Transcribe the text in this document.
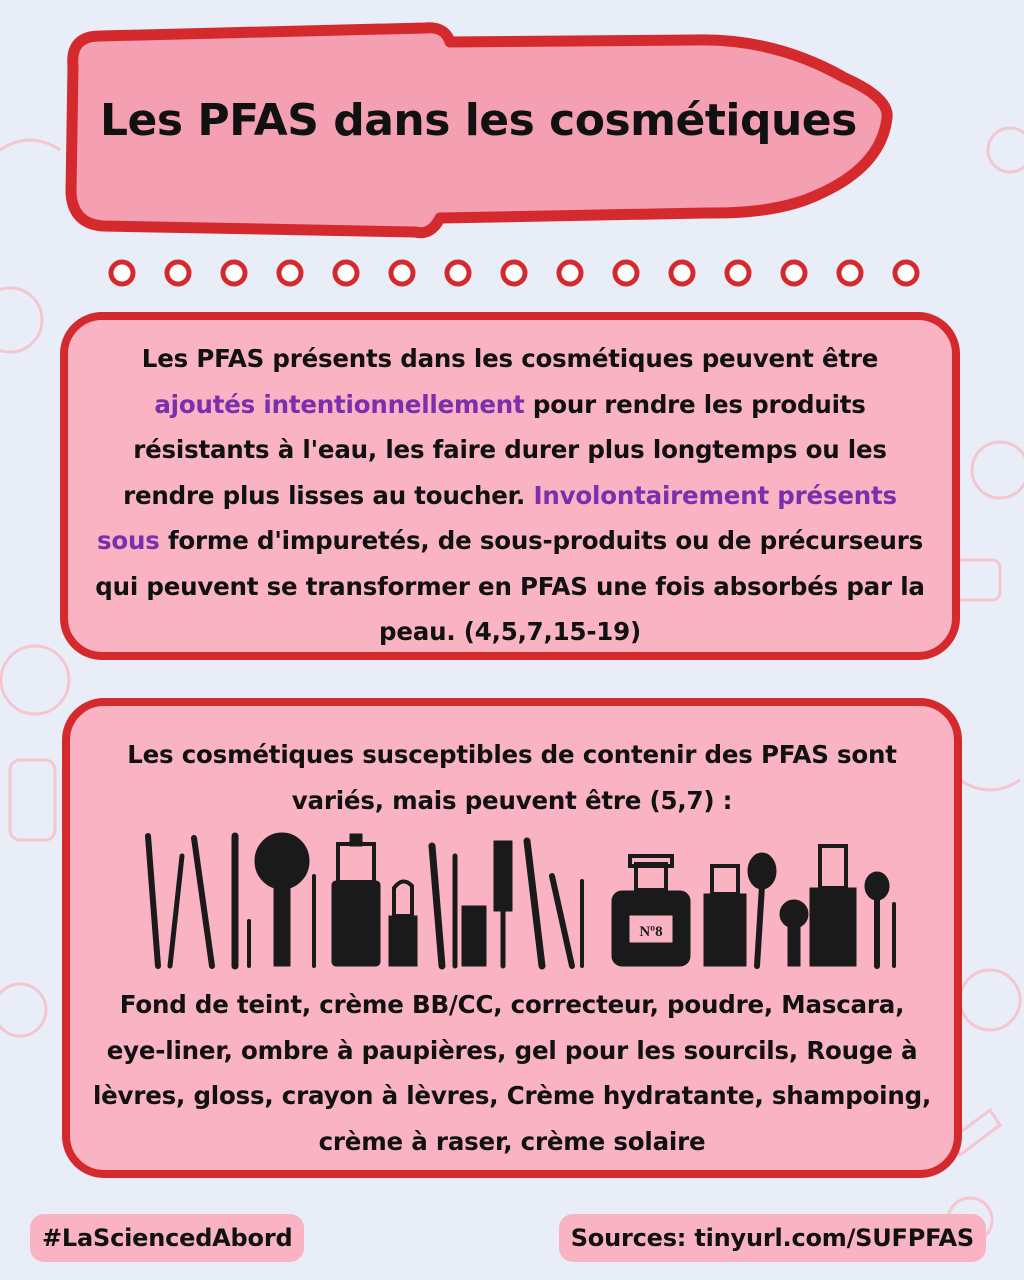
Les PFAS dans les cosmétiques
Les PFAS présents dans les cosmétiques peuvent être ajoutés intentionnellement pour rendre les produits résistants à l'eau, les faire durer plus longtemps ou les rendre plus lisses au toucher. Involontairement présents sous forme d'impuretés, de sous-produits ou de précurseurs qui peuvent se transformer en PFAS une fois absorbés par la peau. (4,5,7,15-19)
Les cosmétiques susceptibles de contenir des PFAS sont variés, mais peuvent être (5,7) :
Nº8
Fond de teint, crème BB/CC, correcteur, poudre, Mascara, eye-liner, ombre à paupières, gel pour les sourcils, Rouge à lèvres, gloss, crayon à lèvres, Crème hydratante, shampoing, crème à raser, crème solaire
#LaSciencedAbord	Sources: tinyurl.com/SUFPFAS
